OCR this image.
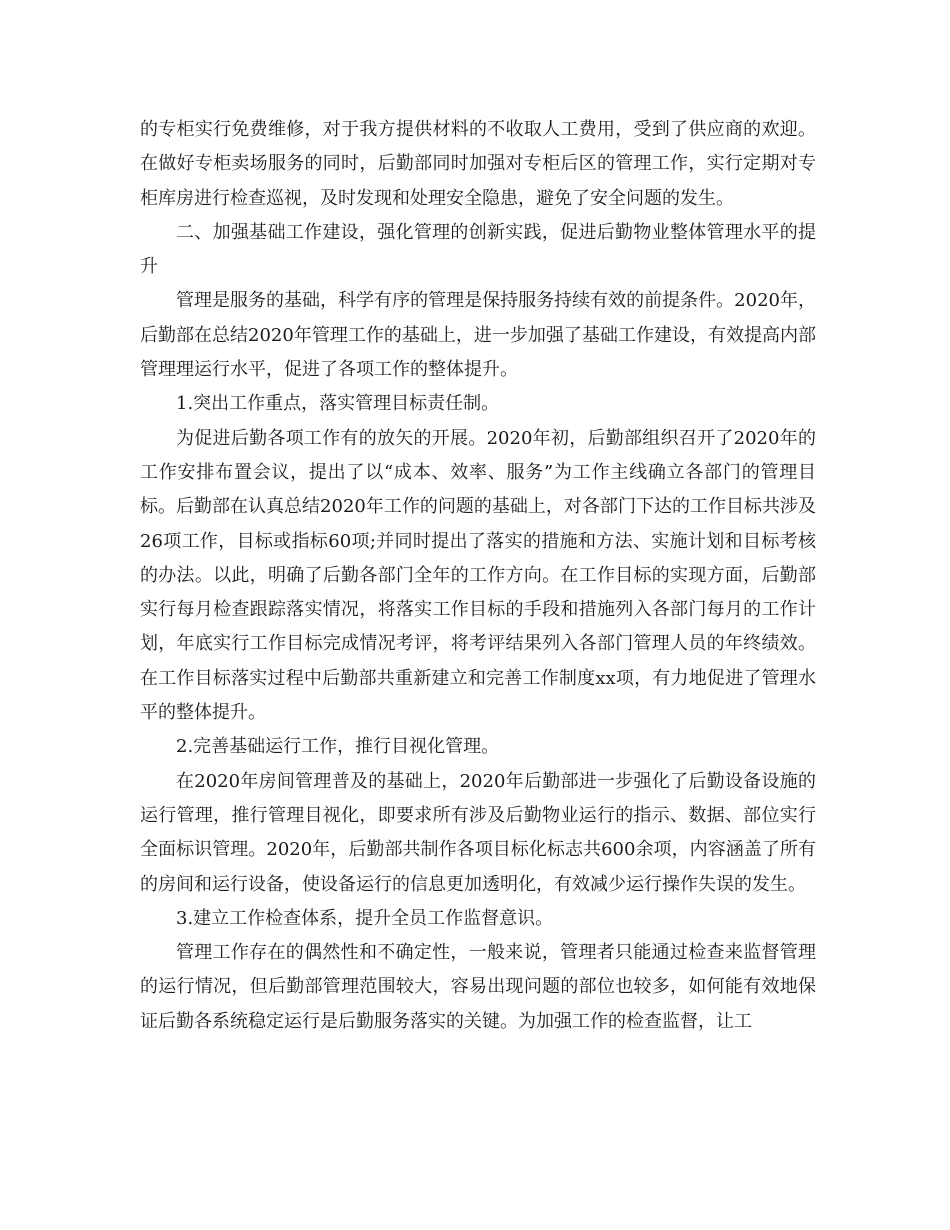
的专柜实行免费维修，对于我方提供材料的不收取人工费用，受到了供应商的欢迎。在做好专柜卖场服务的同时，后勤部同时加强对专柜后区的管理工作，实行定期对专柜库房进行检查巡视，及时发现和处理安全隐患，避免了安全问题的发生。

二、加强基础工作建设，强化管理的创新实践，促进后勤物业整体管理水平的提升

管理是服务的基础，科学有序的管理是保持服务持续有效的前提条件。2020年，后勤部在总结2020年管理工作的基础上，进一步加强了基础工作建设，有效提高内部管理理运行水平，促进了各项工作的整体提升。

1.突出工作重点，落实管理目标责任制。

为促进后勤各项工作有的放矢的开展。2020年初，后勤部组织召开了2020年的工作安排布置会议，提出了以“成本、效率、服务”为工作主线确立各部门的管理目标。后勤部在认真总结2020年工作的问题的基础上，对各部门下达的工作目标共涉及26项工作，目标或指标60项;并同时提出了落实的措施和方法、实施计划和目标考核的办法。以此，明确了后勤各部门全年的工作方向。在工作目标的实现方面，后勤部实行每月检查跟踪落实情况，将落实工作目标的手段和措施列入各部门每月的工作计划，年底实行工作目标完成情况考评，将考评结果列入各部门管理人员的年终绩效。在工作目标落实过程中后勤部共重新建立和完善工作制度xx项，有力地促进了管理水平的整体提升。

2.完善基础运行工作，推行目视化管理。

在2020年房间管理普及的基础上，2020年后勤部进一步强化了后勤设备设施的运行管理，推行管理目视化，即要求所有涉及后勤物业运行的指示、数据、部位实行全面标识管理。2020年，后勤部共制作各项目标化标志共600余项，内容涵盖了所有的房间和运行设备，使设备运行的信息更加透明化，有效减少运行操作失误的发生。

3.建立工作检查体系，提升全员工作监督意识。

管理工作存在的偶然性和不确定性，一般来说，管理者只能通过检查来监督管理的运行情况，但后勤部管理范围较大，容易出现问题的部位也较多，如何能有效地保证后勤各系统稳定运行是后勤服务落实的关键。为加强工作的检查监督，让工
